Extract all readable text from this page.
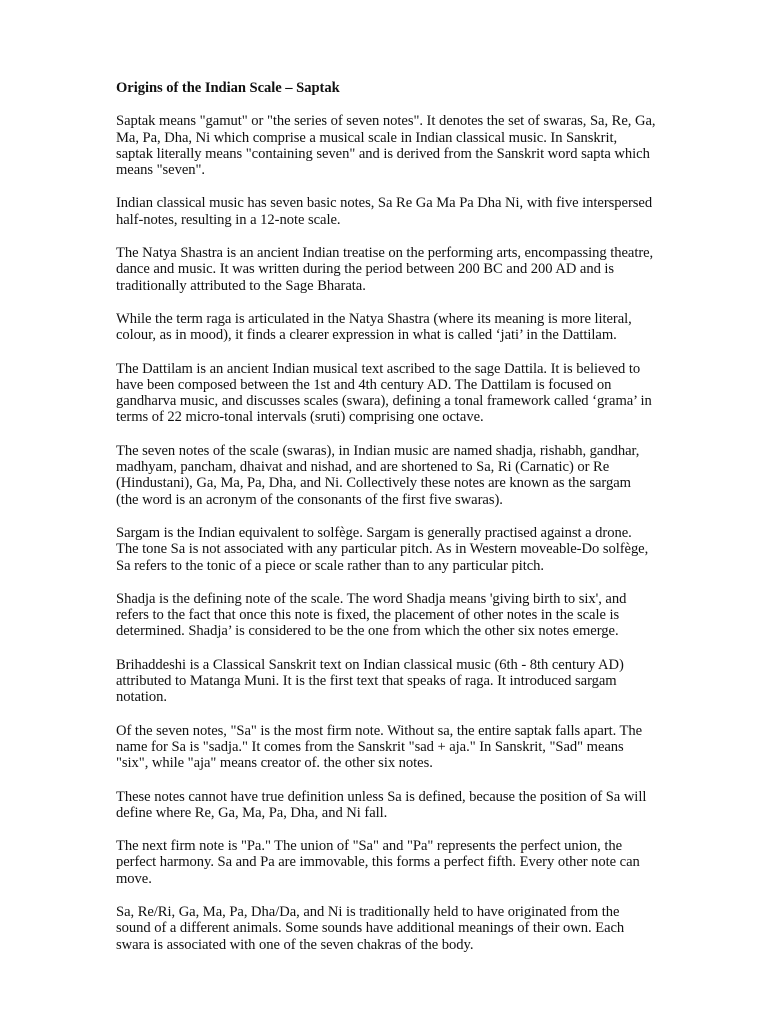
Origins of the Indian Scale – Saptak

Saptak means "gamut" or "the series of seven notes". It denotes the set of swaras, Sa, Re, Ga, Ma, Pa, Dha, Ni which comprise a musical scale in Indian classical music. In Sanskrit, saptak literally means "containing seven" and is derived from the Sanskrit word sapta which means "seven".

Indian classical music has seven basic notes, Sa Re Ga Ma Pa Dha Ni, with five interspersed half-notes, resulting in a 12-note scale.

The Natya Shastra is an ancient Indian treatise on the performing arts, encompassing theatre, dance and music. It was written during the period between 200 BC and 200 AD and is traditionally attributed to the Sage Bharata.

While the term raga is articulated in the Natya Shastra (where its meaning is more literal, colour, as in mood), it finds a clearer expression in what is called ‘jati’ in the Dattilam.

The Dattilam is an ancient Indian musical text ascribed to the sage Dattila. It is believed to have been composed between the 1st and 4th century AD. The Dattilam is focused on gandharva music, and discusses scales (swara), defining a tonal framework called ‘grama’ in terms of 22 micro-tonal intervals (sruti) comprising one octave.

The seven notes of the scale (swaras), in Indian music are named shadja, rishabh, gandhar, madhyam, pancham, dhaivat and nishad, and are shortened to Sa, Ri (Carnatic) or Re (Hindustani), Ga, Ma, Pa, Dha, and Ni. Collectively these notes are known as the sargam (the word is an acronym of the consonants of the first five swaras).

Sargam is the Indian equivalent to solfège. Sargam is generally practised against a drone. The tone Sa is not associated with any particular pitch. As in Western moveable-Do solfège, Sa refers to the tonic of a piece or scale rather than to any particular pitch.

Shadja is the defining note of the scale. The word Shadja means 'giving birth to six', and refers to the fact that once this note is fixed, the placement of other notes in the scale is determined. Shadja’ is considered to be the one from which the other six notes emerge.

Brihaddeshi is a Classical Sanskrit text on Indian classical music (6th - 8th century AD) attributed to Matanga Muni. It is the first text that speaks of raga. It introduced sargam notation.

Of the seven notes, "Sa" is the most firm note. Without sa, the entire saptak falls apart. The name for Sa is "sadja." It comes from the Sanskrit "sad + aja." In Sanskrit, "Sad" means "six", while "aja" means creator of. the other six notes.

These notes cannot have true definition unless Sa is defined, because the position of Sa will define where Re, Ga, Ma, Pa, Dha, and Ni fall.

The next firm note is "Pa." The union of "Sa" and "Pa" represents the perfect union, the perfect harmony. Sa and Pa are immovable, this forms a perfect fifth. Every other note can move.

Sa, Re/Ri, Ga, Ma, Pa, Dha/Da, and Ni is traditionally held to have originated from the sound of a different animals. Some sounds have additional meanings of their own. Each swara is associated with one of the seven chakras of the body.
